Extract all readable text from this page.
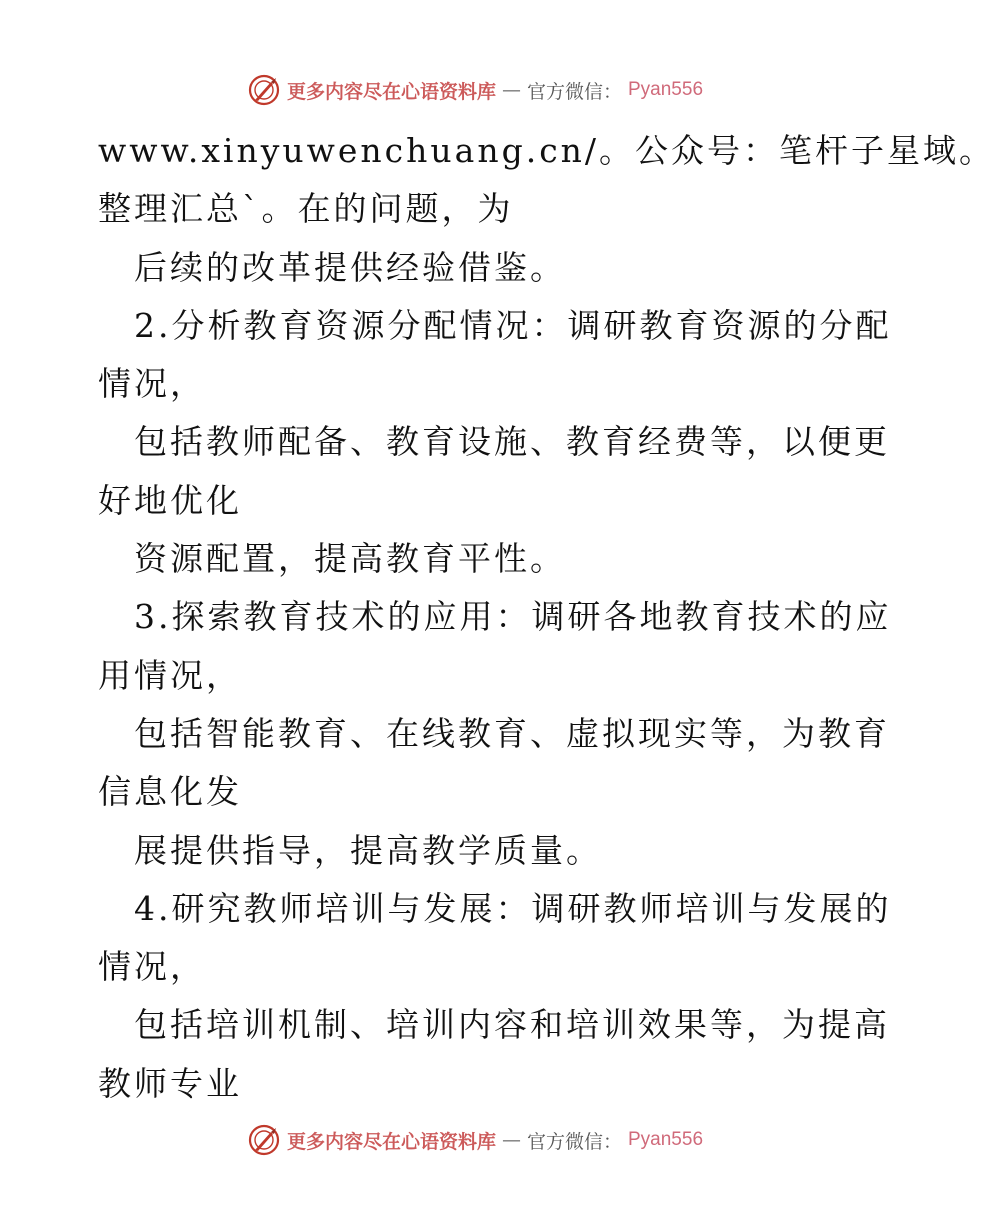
更多内容尽在心语资料库 — 官方微信： Pyan556
www.xinyuwenchuang.cn/。公众号：笔杆子星域。
整理汇总`。在的问题，为
后续的改革提供经验借鉴。
2.分析教育资源分配情况：调研教育资源的分配
情况，
包括教师配备、教育设施、教育经费等，以便更
好地优化
资源配置，提高教育平性。
3.探索教育技术的应用：调研各地教育技术的应
用情况，
包括智能教育、在线教育、虚拟现实等，为教育
信息化发
展提供指导，提高教学质量。
4.研究教师培训与发展：调研教师培训与发展的
情况，
包括培训机制、培训内容和培训效果等，为提高
教师专业
更多内容尽在心语资料库 — 官方微信： Pyan556
